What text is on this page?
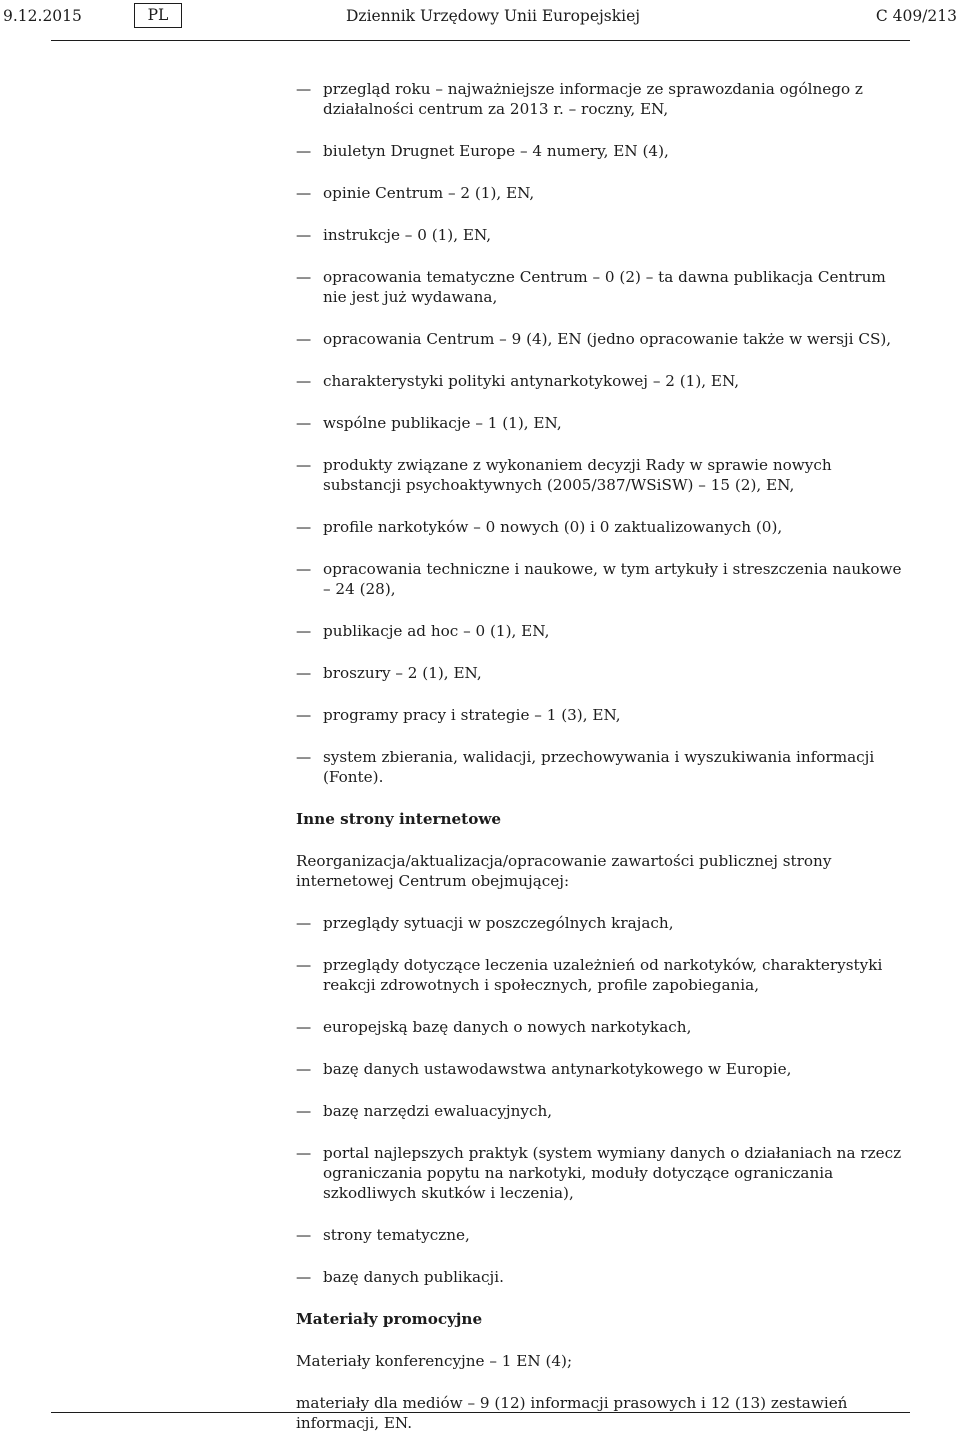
9.12.2015	PL	Dziennik Urzędowy Unii Europejskiej	C 409/213
— przegląd roku – najważniejsze informacje ze sprawozdania ogólnego z działalności centrum za 2013 r. – roczny, EN,
— biuletyn Drugnet Europe – 4 numery, EN (4),
— opinie Centrum – 2 (1), EN,
— instrukcje – 0 (1), EN,
— opracowania tematyczne Centrum – 0 (2) – ta dawna publikacja Centrum nie jest już wydawana,
— opracowania Centrum – 9 (4), EN (jedno opracowanie także w wersji CS),
— charakterystyki polityki antynarkotykowej – 2 (1), EN,
— wspólne publikacje – 1 (1), EN,
— produkty związane z wykonaniem decyzji Rady w sprawie nowych substancji psychoaktywnych (2005/387/WSiSW) – 15 (2), EN,
— profile narkotyków – 0 nowych (0) i 0 zaktualizowanych (0),
— opracowania techniczne i naukowe, w tym artykuły i streszczenia naukowe – 24 (28),
— publikacje ad hoc – 0 (1), EN,
— broszury – 2 (1), EN,
— programy pracy i strategie – 1 (3), EN,
— system zbierania, walidacji, przechowywania i wyszukiwania informacji (Fonte).
Inne strony internetowe
Reorganizacja/aktualizacja/opracowanie zawartości publicznej strony internetowej Centrum obejmującej:
— przeglądy sytuacji w poszczególnych krajach,
— przeglądy dotyczące leczenia uzależnień od narkotyków, charakterystyki reakcji zdrowotnych i społecznych, profile zapobiegania,
— europejską bazę danych o nowych narkotykach,
— bazę danych ustawodawstwa antynarkotykowego w Europie,
— bazę narzędzi ewaluacyjnych,
— portal najlepszych praktyk (system wymiany danych o działaniach na rzecz ograniczania popytu na narkotyki, moduły dotyczące ograniczania szkodliwych skutków i leczenia),
— strony tematyczne,
— bazę danych publikacji.
Materiały promocyjne
Materiały konferencyjne – 1 EN (4);
materiały dla mediów – 9 (12) informacji prasowych i 12 (13) zestawień informacji, EN.
